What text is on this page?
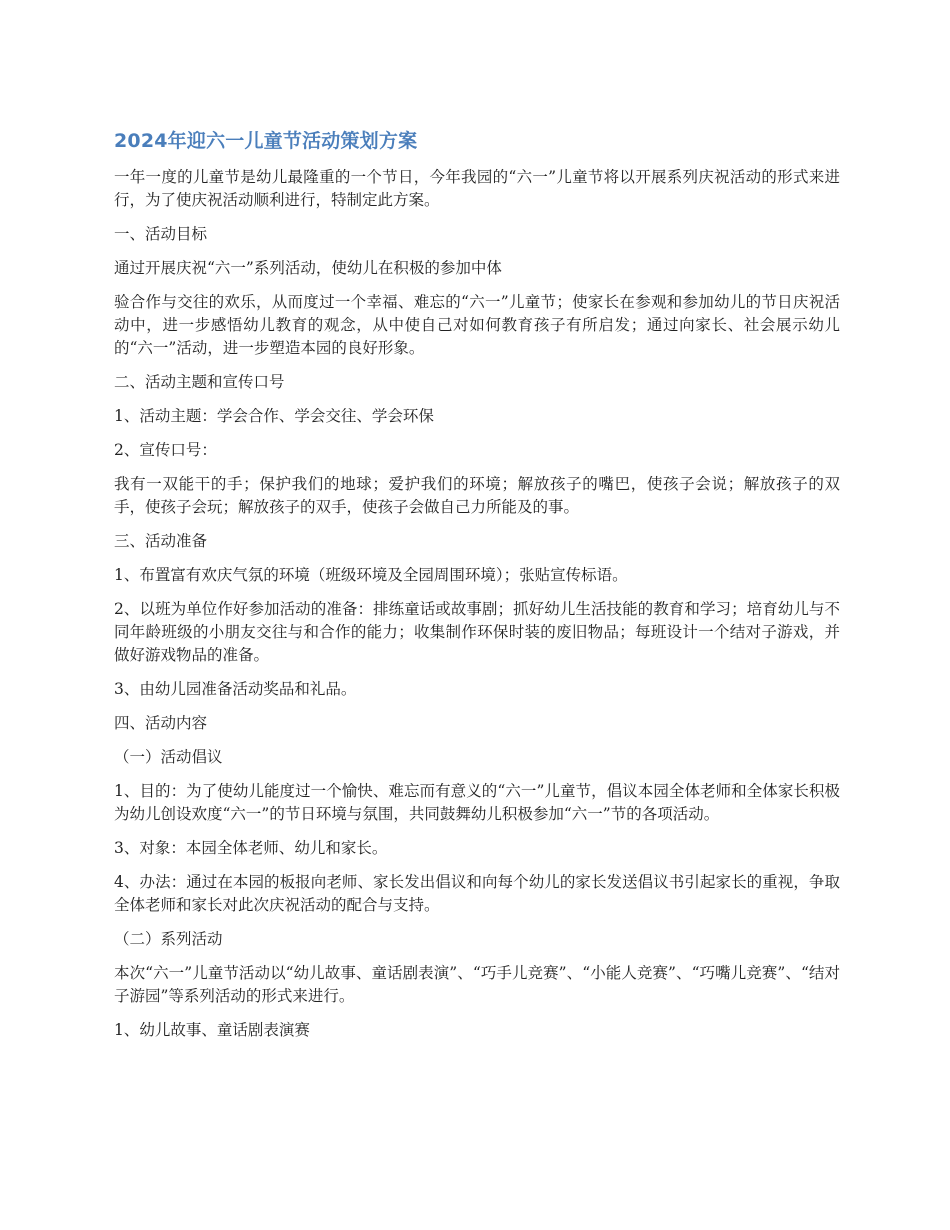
2024年迎六一儿童节活动策划方案

一年一度的儿童节是幼儿最隆重的一个节日，今年我园的“六一”儿童节将以开展系列庆祝活动的形式来进行，为了使庆祝活动顺利进行，特制定此方案。

一、活动目标

通过开展庆祝“六一”系列活动，使幼儿在积极的参加中体

验合作与交往的欢乐，从而度过一个幸福、难忘的“六一”儿童节；使家长在参观和参加幼儿的节日庆祝活动中，进一步感悟幼儿教育的观念，从中使自己对如何教育孩子有所启发；通过向家长、社会展示幼儿的“六一”活动，进一步塑造本园的良好形象。

二、活动主题和宣传口号

1、活动主题：学会合作、学会交往、学会环保

2、宣传口号：

我有一双能干的手；保护我们的地球；爱护我们的环境；解放孩子的嘴巴，使孩子会说；解放孩子的双手，使孩子会玩；解放孩子的双手，使孩子会做自己力所能及的事。

三、活动准备

1、布置富有欢庆气氛的环境（班级环境及全园周围环境）；张贴宣传标语。

2、以班为单位作好参加活动的准备：排练童话或故事剧；抓好幼儿生活技能的教育和学习；培育幼儿与不同年龄班级的小朋友交往与和合作的能力；收集制作环保时装的废旧物品；每班设计一个结对子游戏，并做好游戏物品的准备。

3、由幼儿园准备活动奖品和礼品。

四、活动内容

（一）活动倡议

1、目的：为了使幼儿能度过一个愉快、难忘而有意义的“六一”儿童节，倡议本园全体老师和全体家长积极为幼儿创设欢度“六一”的节日环境与氛围，共同鼓舞幼儿积极参加“六一”节的各项活动。

3、对象：本园全体老师、幼儿和家长。

4、办法：通过在本园的板报向老师、家长发出倡议和向每个幼儿的家长发送倡议书引起家长的重视，争取全体老师和家长对此次庆祝活动的配合与支持。

（二）系列活动

本次“六一”儿童节活动以“幼儿故事、童话剧表演”、“巧手儿竞赛”、“小能人竞赛”、“巧嘴儿竞赛”、“结对子游园”等系列活动的形式来进行。

1、幼儿故事、童话剧表演赛
